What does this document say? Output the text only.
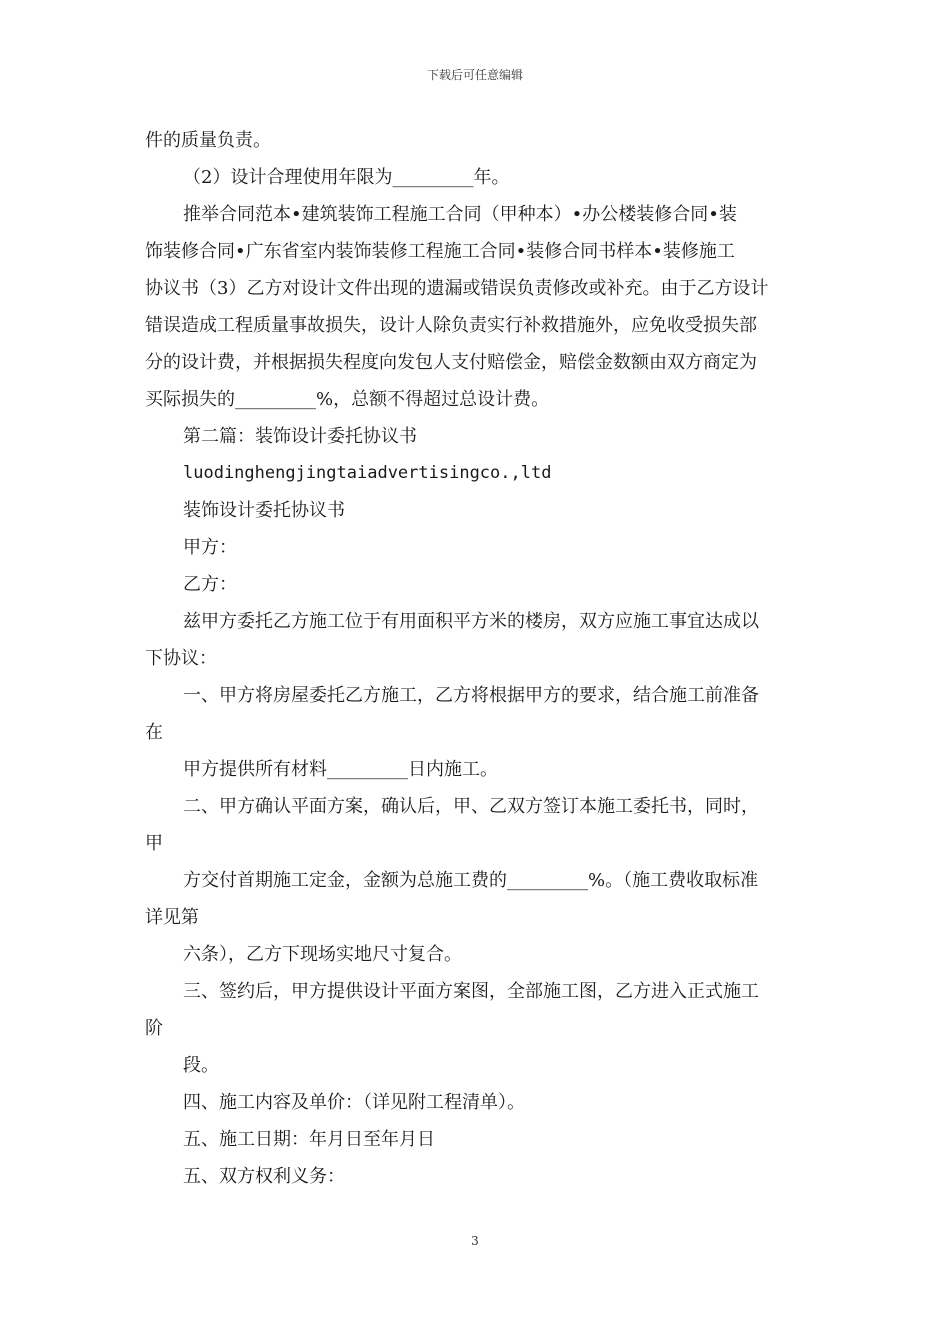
下载后可任意编辑
件的质量负责。
（2）设计合理使用年限为_________年。
推举合同范本•建筑装饰工程施工合同（甲种本）•办公楼装修合同•装
饰装修合同•广东省室内装饰装修工程施工合同•装修合同书样本•装修施工
协议书（3）乙方对设计文件出现的遗漏或错误负责修改或补充。由于乙方设计
错误造成工程质量事故损失，设计人除负责实行补救措施外，应免收受损失部
分的设计费，并根据损失程度向发包人支付赔偿金，赔偿金数额由双方商定为
买际损失的_________%，总额不得超过总设计费。
第二篇：装饰设计委托协议书
luodinghengjingtaiadvertisingco.,ltd
装饰设计委托协议书
甲方：
乙方：
兹甲方委托乙方施工位于有用面积平方米的楼房，双方应施工事宜达成以
下协议：
一、甲方将房屋委托乙方施工，乙方将根据甲方的要求，结合施工前准备
在
甲方提供所有材料_________日内施工。
二、甲方确认平面方案，确认后，甲、乙双方签订本施工委托书，同时，
甲
方交付首期施工定金，金额为总施工费的_________%。（施工费收取标准
详见第
六条），乙方下现场实地尺寸复合。
三、签约后，甲方提供设计平面方案图，全部施工图，乙方进入正式施工
阶
段。
四、施工内容及单价：（详见附工程清单）。
五、施工日期：年月日至年月日
五、双方权利义务：
3
